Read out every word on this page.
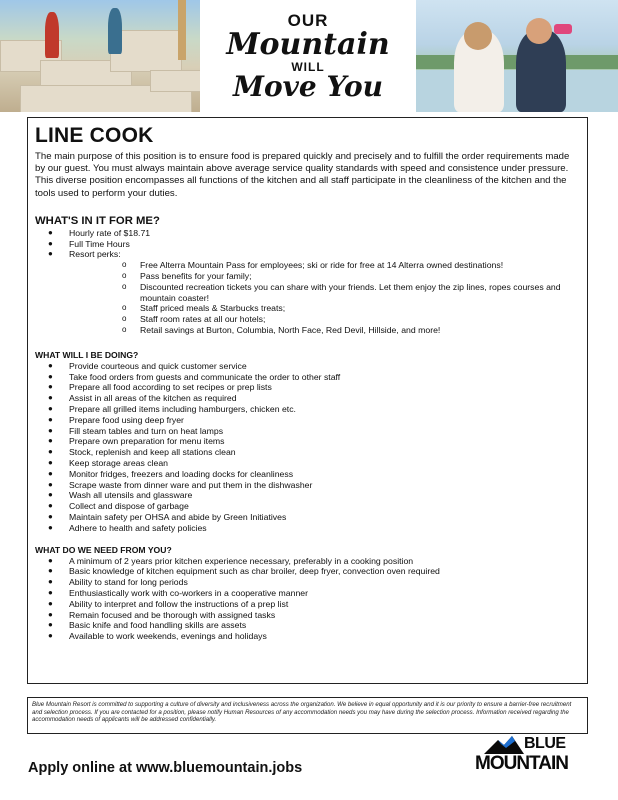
OUR
Mountain
WILL
Move You
LINE COOK

The main purpose of this position is to ensure food is prepared quickly and precisely and to fulfill the order requirements made by our guest. You must always maintain above average service quality standards with speed and consistence under pressure. This diverse position encompasses all functions of the kitchen and all staff participate in the cleanliness of the kitchen and the tools used to perform your duties.

WHAT'S IN IT FOR ME?
● Hourly rate of $18.71
● Full Time Hours
● Resort perks:
o Free Alterra Mountain Pass for employees; ski or ride for free at 14 Alterra owned destinations!
o Pass benefits for your family;
o Discounted recreation tickets you can share with your friends. Let them enjoy the zip lines, ropes courses and mountain coaster!
o Staff priced meals & Starbucks treats;
o Staff room rates at all our hotels;
o Retail savings at Burton, Columbia, North Face, Red Devil, Hillside, and more!
WHAT WILL I BE DOING?
● Provide courteous and quick customer service
● Take food orders from guests and communicate the order to other staff
● Prepare all food according to set recipes or prep lists
● Assist in all areas of the kitchen as required
● Prepare all grilled items including hamburgers, chicken etc.
● Prepare food using deep fryer
● Fill steam tables and turn on heat lamps
● Prepare own preparation for menu items
● Stock, replenish and keep all stations clean
● Keep storage areas clean
● Monitor fridges, freezers and loading docks for cleanliness
● Scrape waste from dinner ware and put them in the dishwasher
● Wash all utensils and glassware
● Collect and dispose of garbage
● Maintain safety per OHSA and abide by Green Initiatives
● Adhere to health and safety policies
WHAT DO WE NEED FROM YOU?
● A minimum of 2 years prior kitchen experience necessary, preferably in a cooking position
● Basic knowledge of kitchen equipment such as char broiler, deep fryer, convection oven required
● Ability to stand for long periods
● Enthusiastically work with co-workers in a cooperative manner
● Ability to interpret and follow the instructions of a prep list
● Remain focused and be thorough with assigned tasks
● Basic knife and food handling skills are assets
● Available to work weekends, evenings and holidays
Blue Mountain Resort is committed to supporting a culture of diversity and inclusiveness across the organization. We believe in equal opportunity and it is our priority to ensure a barrier-free recruitment and selection process. If you are contacted for a position, please notify Human Resources of any accommodation needs you may have during the selection process. Information received regarding the accommodation needs of applicants will be addressed confidentially.
Apply online at www.bluemountain.jobs
BLUE
MOUNTAIN
